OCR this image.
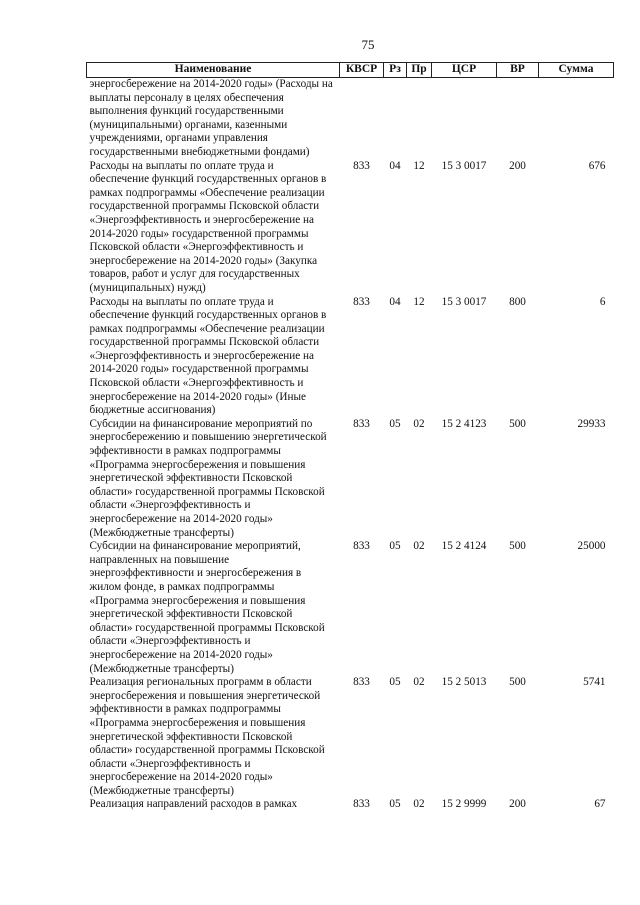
75
Наименование	КВСР	Рз	Пр	ЦСР	ВР	Сумма
энергосбережение на 2014-2020 годы» (Расходы на выплаты персоналу в целях обеспечения выполнения функций государственными (муниципальными) органами, казенными учреждениями, органами управления государственными внебюджетными фондами)						
Расходы на выплаты по оплате труда и обеспечение функций государственных органов в рамках подпрограммы «Обеспечение реализации государственной программы Псковской области «Энергоэффективность и энергосбережение на 2014-2020 годы» государственной программы Псковской области «Энергоэффективность и энергосбережение на 2014-2020 годы» (Закупка товаров, работ и услуг для государственных (муниципальных) нужд)	833	04	12	15 3 0017	200	676
Расходы на выплаты по оплате труда и обеспечение функций государственных органов в рамках подпрограммы «Обеспечение реализации государственной программы Псковской области «Энергоэффективность и энергосбережение на 2014-2020 годы» государственной программы Псковской области «Энергоэффективность и энергосбережение на 2014-2020 годы» (Иные бюджетные ассигнования)	833	04	12	15 3 0017	800	6
Субсидии на финансирование мероприятий по энергосбережению и повышению энергетической эффективности в рамках подпрограммы «Программа энергосбережения и повышения энергетической эффективности Псковской области» государственной программы Псковской области «Энергоэффективность и энергосбережение на 2014-2020 годы» (Межбюджетные трансферты)	833	05	02	15 2 4123	500	29933
Субсидии на финансирование мероприятий, направленных на повышение энергоэффективности и энергосбережения в жилом фонде, в рамках подпрограммы «Программа энергосбережения и повышения энергетической эффективности Псковской области» государственной программы Псковской области «Энергоэффективность и энергосбережение на 2014-2020 годы» (Межбюджетные трансферты)	833	05	02	15 2 4124	500	25000
Реализация региональных программ в области энергосбережения и повышения энергетической эффективности в рамках подпрограммы «Программа энергосбережения и повышения энергетической эффективности Псковской области» государственной программы Псковской области «Энергоэффективность и энергосбережение на 2014-2020 годы» (Межбюджетные трансферты)	833	05	02	15 2 5013	500	5741
Реализация направлений расходов в рамках	833	05	02	15 2 9999	200	67
